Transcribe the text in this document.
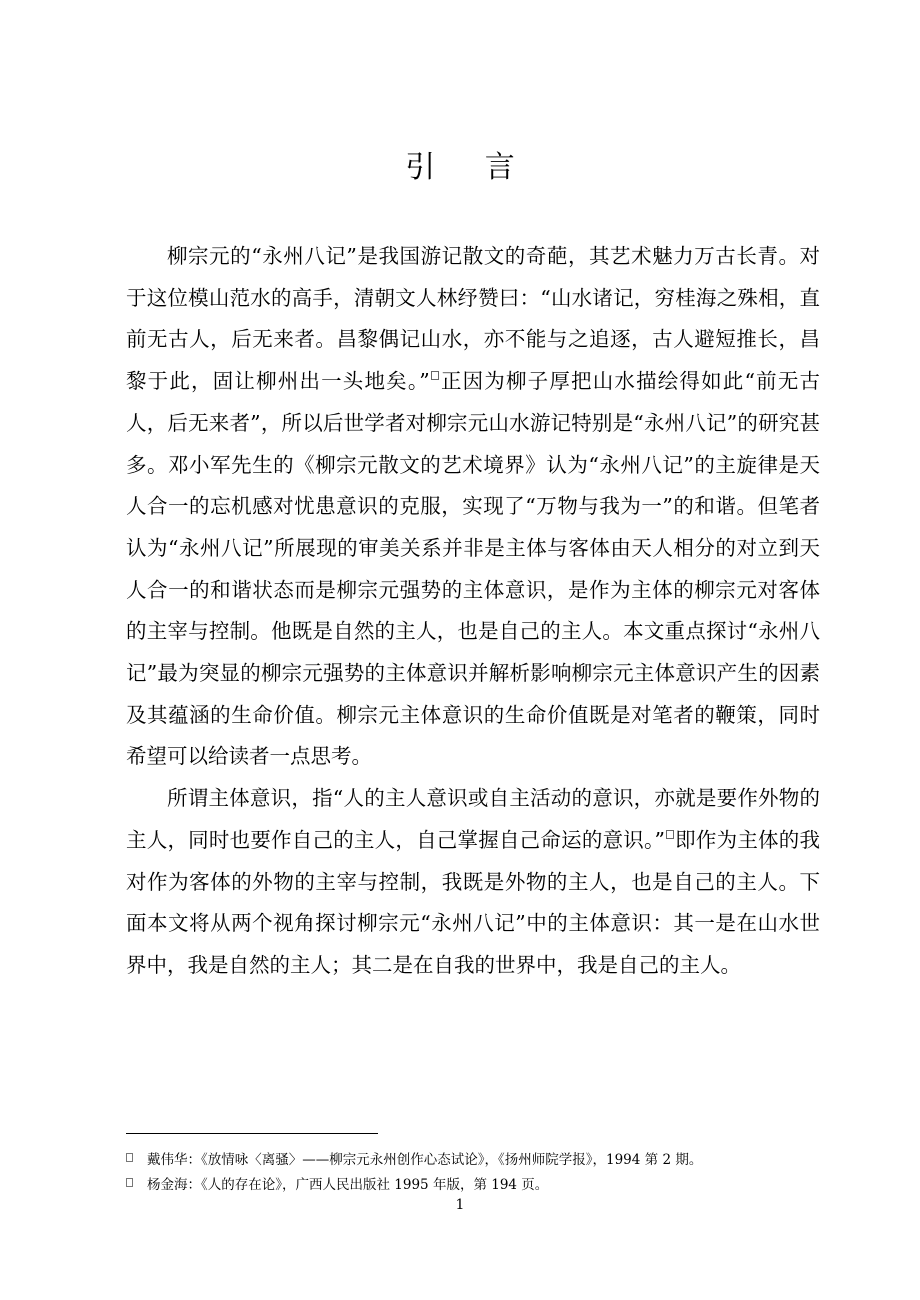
引 言

柳宗元的“永州八记”是我国游记散文的奇葩，其艺术魅力万古长青。对于这位模山范水的高手，清朝文人林纾赞曰：“山水诸记，穷桂海之殊相，直前无古人，后无来者。昌黎偶记山水，亦不能与之追逐，古人避短推长，昌黎于此，固让柳州出一头地矣。” 正因为柳子厚把山水描绘得如此“前无古人，后无来者”，所以后世学者对柳宗元山水游记特别是“永州八记”的研究甚多。邓小军先生的《柳宗元散文的艺术境界》认为“永州八记”的主旋律是天人合一的忘机感对忧患意识的克服，实现了“万物与我为一”的和谐。但笔者认为“永州八记”所展现的审美关系并非是主体与客体由天人相分的对立到天人合一的和谐状态而是柳宗元强势的主体意识，是作为主体的柳宗元对客体的主宰与控制。他既是自然的主人，也是自己的主人。本文重点探讨“永州八记”最为突显的柳宗元强势的主体意识并解析影响柳宗元主体意识产生的因素及其蕴涵的生命价值。柳宗元主体意识的生命价值既是对笔者的鞭策，同时希望可以给读者一点思考。

所谓主体意识，指“人的主人意识或自主活动的意识，亦就是要作外物的主人，同时也要作自己的主人，自己掌握自己命运的意识。” 即作为主体的我对作为客体的外物的主宰与控制，我既是外物的主人，也是自己的主人。下面本文将从两个视角探讨柳宗元“永州八记”中的主体意识：其一是在山水世界中，我是自然的主人；其二是在自我的世界中，我是自己的主人。

戴伟华：《放情咏〈离骚〉——柳宗元永州创作心态试论》，《扬州师院学报》，1994 第 2 期。

杨金海：《人的存在论》，广西人民出版社 1995 年版，第 194 页。

1
